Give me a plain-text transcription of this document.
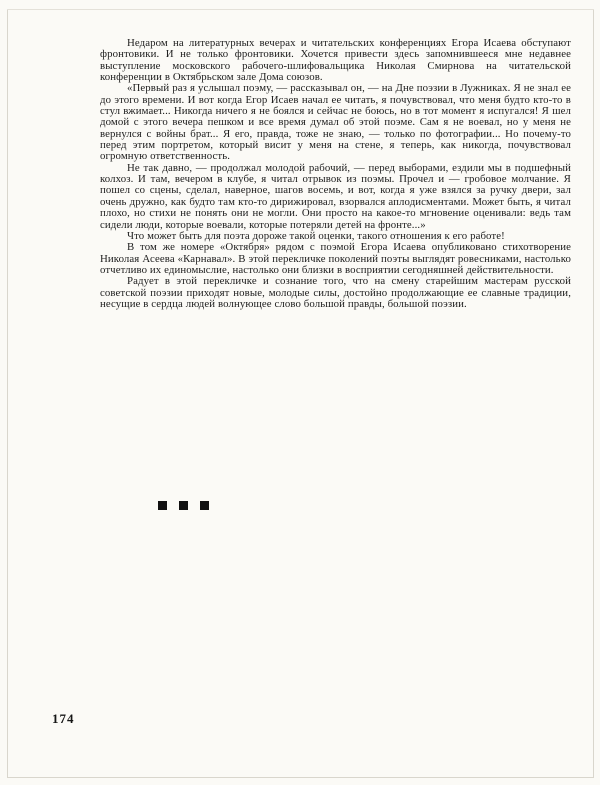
Недаром на литературных вечерах и читательских конференциях Егора Исаева обступают фронтовики. И не только фронтовики. Хочется привести здесь запомнившееся мне недавнее выступление московского рабочего-шлифовальщика Николая Смирнова на читательской конференции в Октябрьском зале Дома союзов.

«Первый раз я услышал поэму, — рассказывал он, — на Дне поэзии в Лужниках. Я не знал ее до этого времени. И вот когда Егор Исаев начал ее читать, я почувствовал, что меня будто кто-то в стул вжимает... Никогда ничего я не боялся и сейчас не боюсь, но в тот момент я испугался! Я шел домой с этого вечера пешком и все время думал об этой поэме. Сам я не воевал, но у меня не вернулся с войны брат... Я его, правда, тоже не знаю, — только по фотографии... Но почему-то перед этим портретом, который висит у меня на стене, я теперь, как никогда, почувствовал огромную ответственность.

Не так давно, — продолжал молодой рабочий, — перед выборами, ездили мы в подшефный колхоз. И там, вечером в клубе, я читал отрывок из поэмы. Прочел и — гробовое молчание. Я пошел со сцены, сделал, наверное, шагов восемь, и вот, когда я уже взялся за ручку двери, зал очень дружно, как будто там кто-то дирижировал, взорвался аплодисментами. Может быть, я читал плохо, но стихи не понять они не могли. Они просто на какое-то мгновение оценивали: ведь там сидели люди, которые воевали, которые потеряли детей на фронте...»

Что может быть для поэта дороже такой оценки, такого отношения к его работе!

В том же номере «Октября» рядом с поэмой Егора Исаева опубликовано стихотворение Николая Асеева «Карнавал». В этой перекличке поколений поэты выглядят ровесниками, настолько отчетливо их единомыслие, настолько они близки в восприятии сегодняшней действительности.

Радует в этой перекличке и сознание того, что на смену старейшим мастерам русской советской поэзии приходят новые, молодые силы, достойно продолжающие ее славные традиции, несущие в сердца людей волнующее слово большой правды, большой поэзии.

174
